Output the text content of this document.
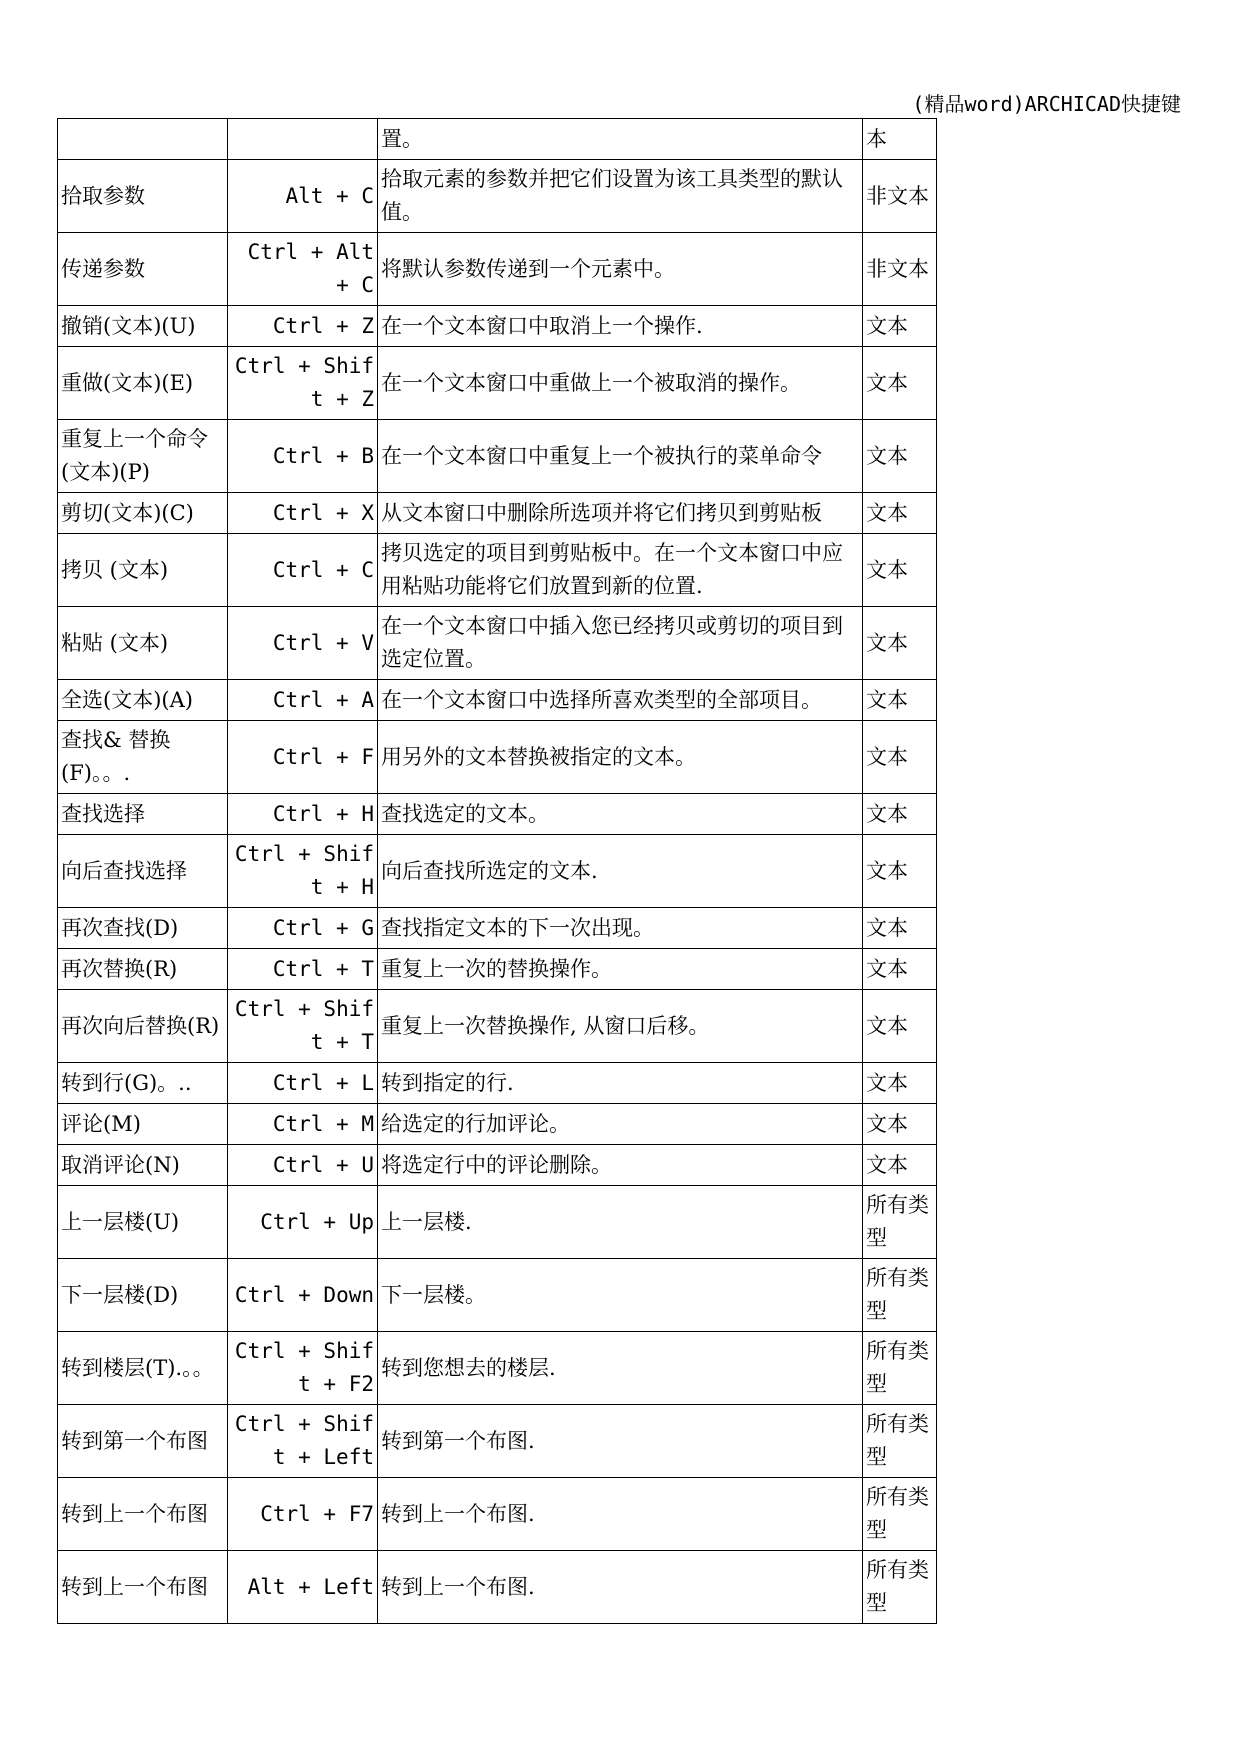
(精品word)ARCHICAD快捷键
		置。	本
拾取参数	Alt + C	拾取元素的参数并把它们设置为该工具类型的默认值。	非文本
传递参数	Ctrl + Alt + C	将默认参数传递到一个元素中。	非文本
撤销(文本)(U)	Ctrl + Z	在一个文本窗口中取消上一个操作.	文本
重做(文本)(E)	Ctrl + Shift + Z	在一个文本窗口中重做上一个被取消的操作。	文本
重复上一个命令(文本)(P)	Ctrl + B	在一个文本窗口中重复上一个被执行的菜单命令	文本
剪切(文本)(C)	Ctrl + X	从文本窗口中删除所选项并将它们拷贝到剪贴板	文本
拷贝 (文本)	Ctrl + C	拷贝选定的项目到剪贴板中。在一个文本窗口中应用粘贴功能将它们放置到新的位置.	文本
粘贴 (文本)	Ctrl + V	在一个文本窗口中插入您已经拷贝或剪切的项目到选定位置。	文本
全选(文本)(A)	Ctrl + A	在一个文本窗口中选择所喜欢类型的全部项目。	文本
查找& 替换(F)。。.	Ctrl + F	用另外的文本替换被指定的文本。	文本
查找选择	Ctrl + H	查找选定的文本。	文本
向后查找选择	Ctrl + Shift + H	向后查找所选定的文本.	文本
再次查找(D)	Ctrl + G	查找指定文本的下一次出现。	文本
再次替换(R)	Ctrl + T	重复上一次的替换操作。	文本
再次向后替换(R)	Ctrl + Shift + T	重复上一次替换操作, 从窗口后移。	文本
转到行(G)。..	Ctrl + L	转到指定的行.	文本
评论(M)	Ctrl + M	给选定的行加评论。	文本
取消评论(N)	Ctrl + U	将选定行中的评论删除。	文本
上一层楼(U)	Ctrl + Up	上一层楼.	所有类型
下一层楼(D)	Ctrl + Down	下一层楼。	所有类型
转到楼层(T).。。	Ctrl + Shift + F2	转到您想去的楼层.	所有类型
转到第一个布图	Ctrl + Shift + Left	转到第一个布图.	所有类型
转到上一个布图	Ctrl + F7	转到上一个布图.	所有类型
转到上一个布图	Alt + Left	转到上一个布图.	所有类型
